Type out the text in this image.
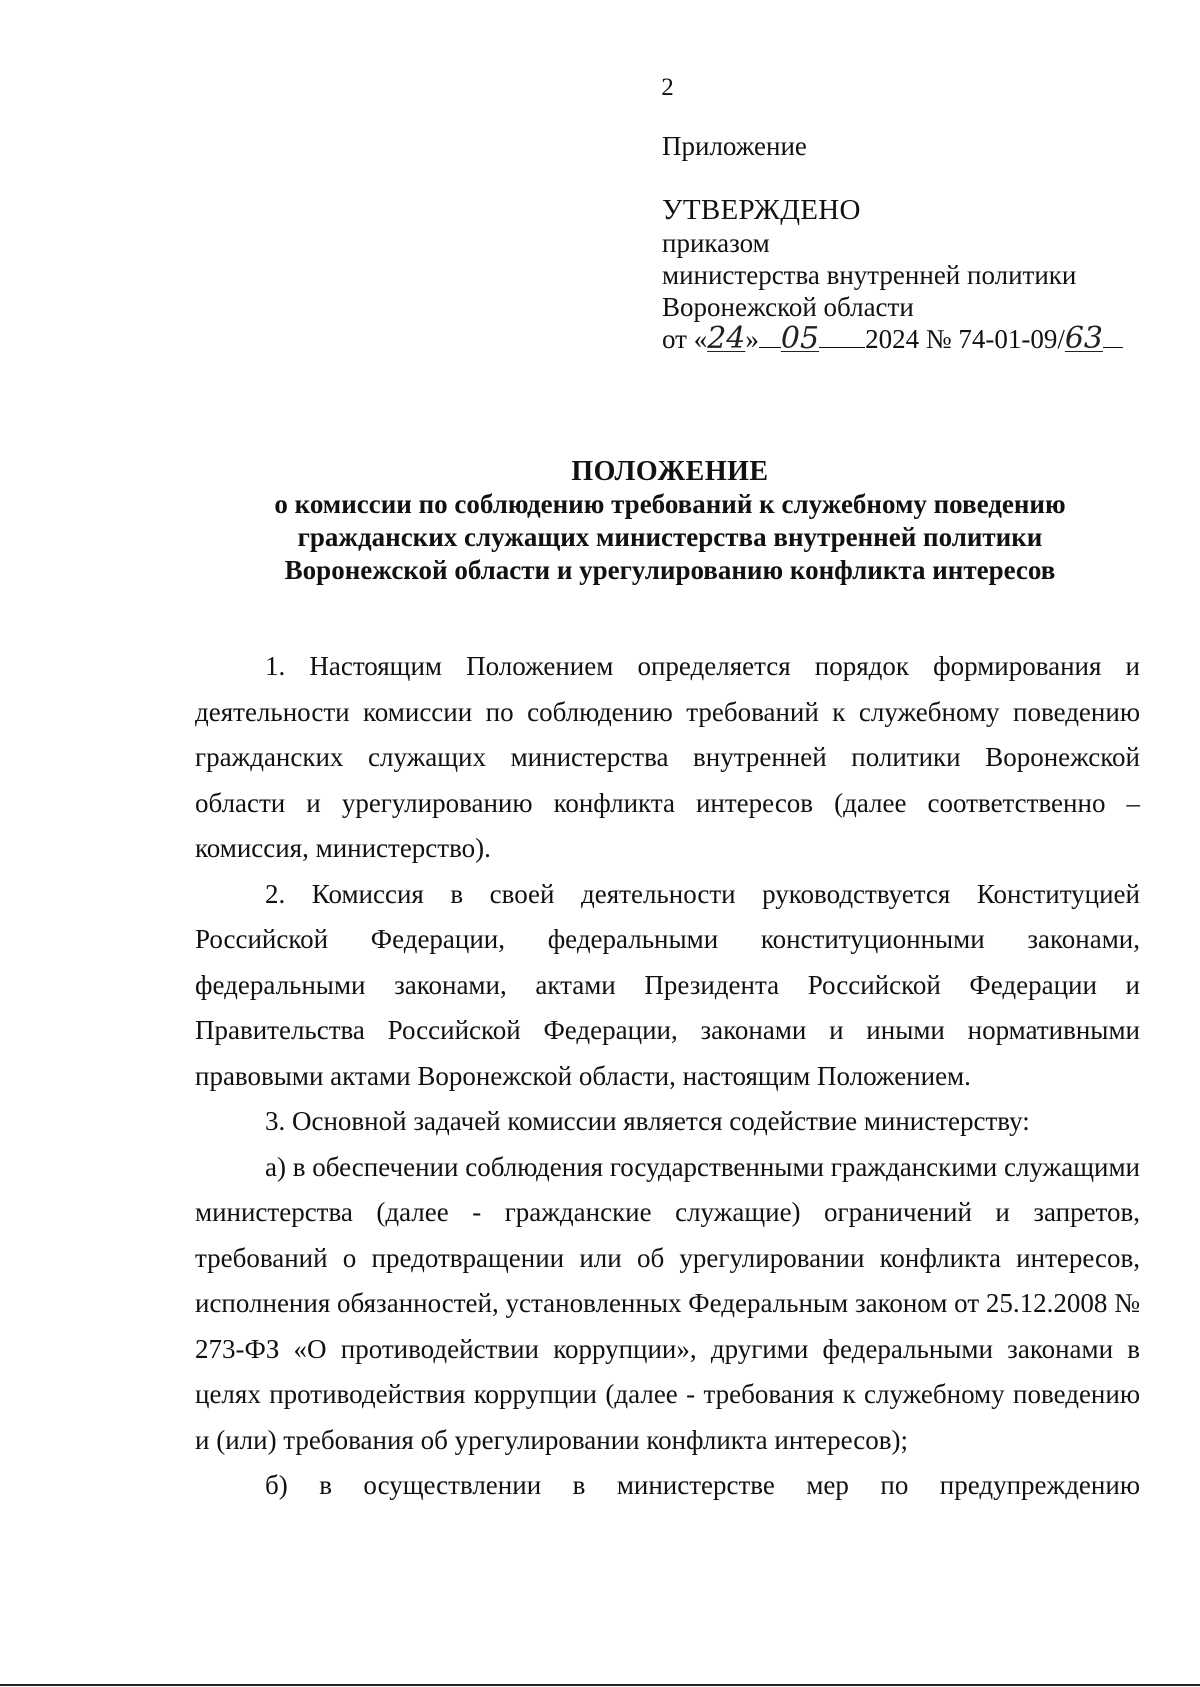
2
Приложение
УТВЕРЖДЕНО
приказом
министерства внутренней политики
Воронежской области
от «24» 05 2024 № 74-01-09/63
ПОЛОЖЕНИЕ
о комиссии по соблюдению требований к служебному поведению
гражданских служащих министерства внутренней политики
Воронежской области и урегулированию конфликта интересов

1. Настоящим Положением определяется порядок формирования и деятельности комиссии по соблюдению требований к служебному поведению гражданских служащих министерства внутренней политики Воронежской области и урегулированию конфликта интересов (далее соответственно – комиссия, министерство).

2. Комиссия в своей деятельности руководствуется Конституцией Российской Федерации, федеральными конституционными законами, федеральными законами, актами Президента Российской Федерации и Правительства Российской Федерации, законами и иными нормативными правовыми актами Воронежской области, настоящим Положением.

3. Основной задачей комиссии является содействие министерству:

а) в обеспечении соблюдения государственными гражданскими служащими министерства (далее - гражданские служащие) ограничений и запретов, требований о предотвращении или об урегулировании конфликта интересов, исполнения обязанностей, установленных Федеральным законом от 25.12.2008 № 273-ФЗ «О противодействии коррупции», другими федеральными законами в целях противодействия коррупции (далее - требования к служебному поведению и (или) требования об урегулировании конфликта интересов);

б) в осуществлении в министерстве мер по предупреждению
